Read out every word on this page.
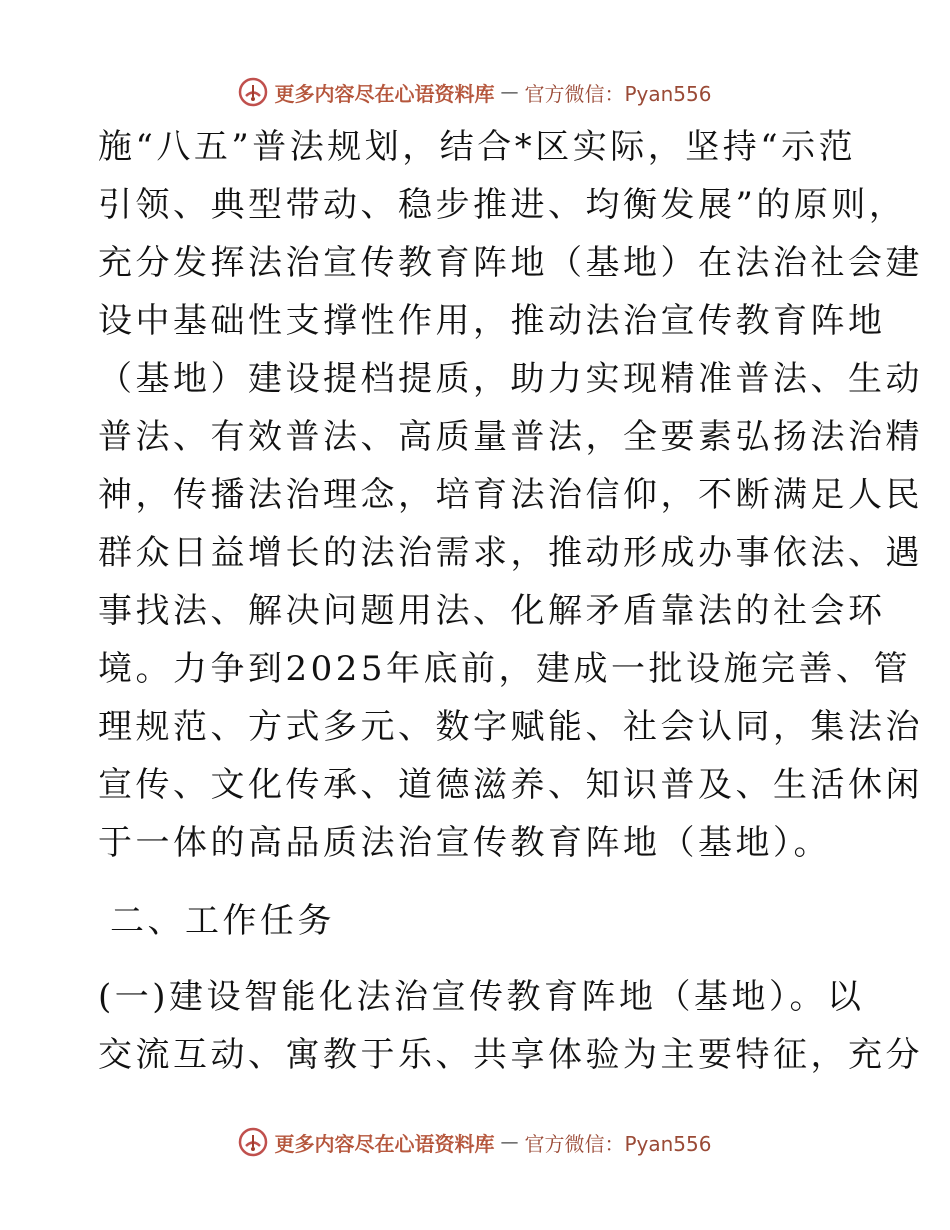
更多内容尽在心语资料库 — 官方微信：Pyan556
施“八五”普法规划，结合*区实际，坚持“示范
引领、典型带动、稳步推进、均衡发展”的原则，
充分发挥法治宣传教育阵地（基地）在法治社会建
设中基础性支撑性作用，推动法治宣传教育阵地
（基地）建设提档提质，助力实现精准普法、生动
普法、有效普法、高质量普法，全要素弘扬法治精
神，传播法治理念，培育法治信仰，不断满足人民
群众日益增长的法治需求，推动形成办事依法、遇
事找法、解决问题用法、化解矛盾靠法的社会环
境。力争到2025年底前，建成一批设施完善、管
理规范、方式多元、数字赋能、社会认同，集法治
宣传、文化传承、道德滋养、知识普及、生活休闲
于一体的高品质法治宣传教育阵地（基地）。
二、工作任务
(一)建设智能化法治宣传教育阵地（基地）。以
交流互动、寓教于乐、共享体验为主要特征，充分
更多内容尽在心语资料库 — 官方微信：Pyan556
